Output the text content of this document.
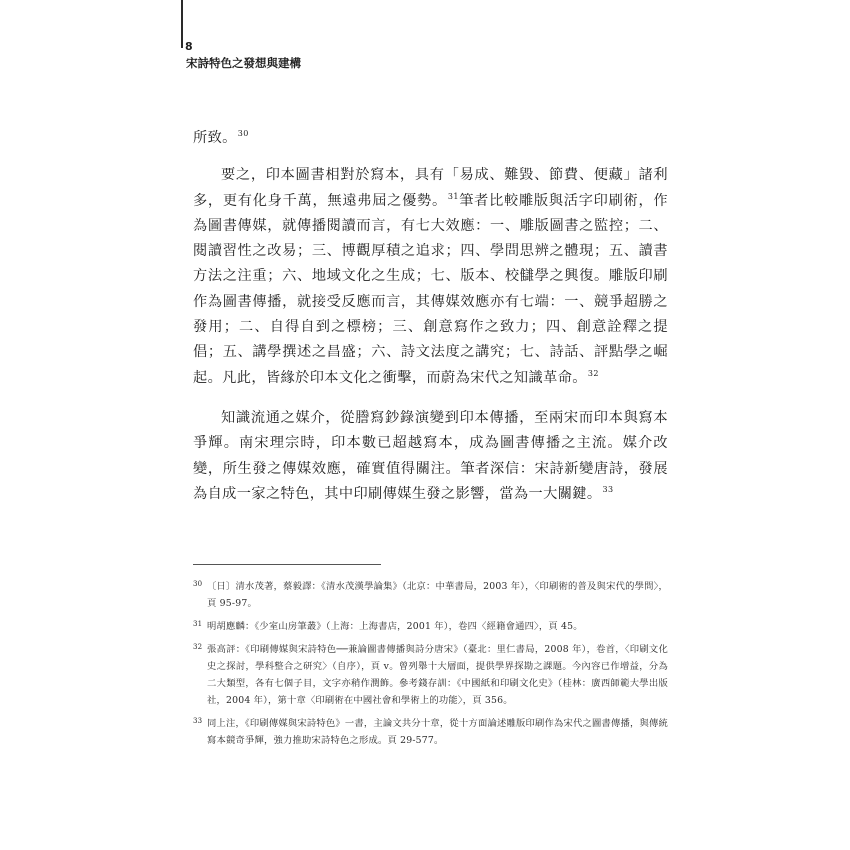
8
宋詩特色之發想與建構

所致。$^{30}$

要之，印本圖書相對於寫本，具有「易成、難毀、節費、便藏」諸利多，更有化身千萬，無遠弗屆之優勢。$^{31}$筆者比較雕版與活字印刷術，作為圖書傳媒，就傳播閱讀而言，有七大效應：一、雕版圖書之監控；二、閱讀習性之改易；三、博觀厚積之追求；四、學問思辨之體現；五、讀書方法之注重；六、地域文化之生成；七、版本、校讎學之興復。雕版印刷作為圖書傳播，就接受反應而言，其傳媒效應亦有七端：一、競爭超勝之發用；二、自得自到之標榜；三、創意寫作之致力；四、創意詮釋之提倡；五、講學撰述之昌盛；六、詩文法度之講究；七、詩話、評點學之崛起。凡此，皆緣於印本文化之衝擊，而蔚為宋代之知識革命。$^{32}$

知識流通之媒介，從謄寫鈔錄演變到印本傳播，至兩宋而印本與寫本爭輝。南宋理宗時，印本數已超越寫本，成為圖書傳播之主流。媒介改變，所生發之傳媒效應，確實值得關注。筆者深信：宋詩新變唐詩，發展為自成一家之特色，其中印刷傳媒生發之影響，當為一大關鍵。$^{33}$

30 〔日〕清水茂著，蔡毅譯：《清水茂漢學論集》（北京：中華書局，2003 年），〈印刷術的普及與宋代的學問〉，頁 95-97。
31 明胡應麟：《少室山房筆叢》（上海：上海書店，2001 年），卷四〈經籍會通四〉，頁 45。
32 張高評：《印刷傳媒與宋詩特色──兼論圖書傳播與詩分唐宋》（臺北：里仁書局，2008 年），卷首，〈印刷文化史之探討，學科整合之研究〉（自序），頁 v。曾列舉十大層面，提供學界探勘之課題。今內容已作增益，分為二大類型，各有七個子目，文字亦稍作潤飾。參考錢存訓：《中國紙和印刷文化史》（桂林：廣西師範大學出版社，2004 年），第十章〈印刷術在中國社會和學術上的功能〉，頁 356。
33 同上注，《印刷傳媒與宋詩特色》一書，主論文共分十章，從十方面論述雕版印刷作為宋代之圖書傳播，與傳統寫本競奇爭輝，強力推助宋詩特色之形成。頁 29-577。
